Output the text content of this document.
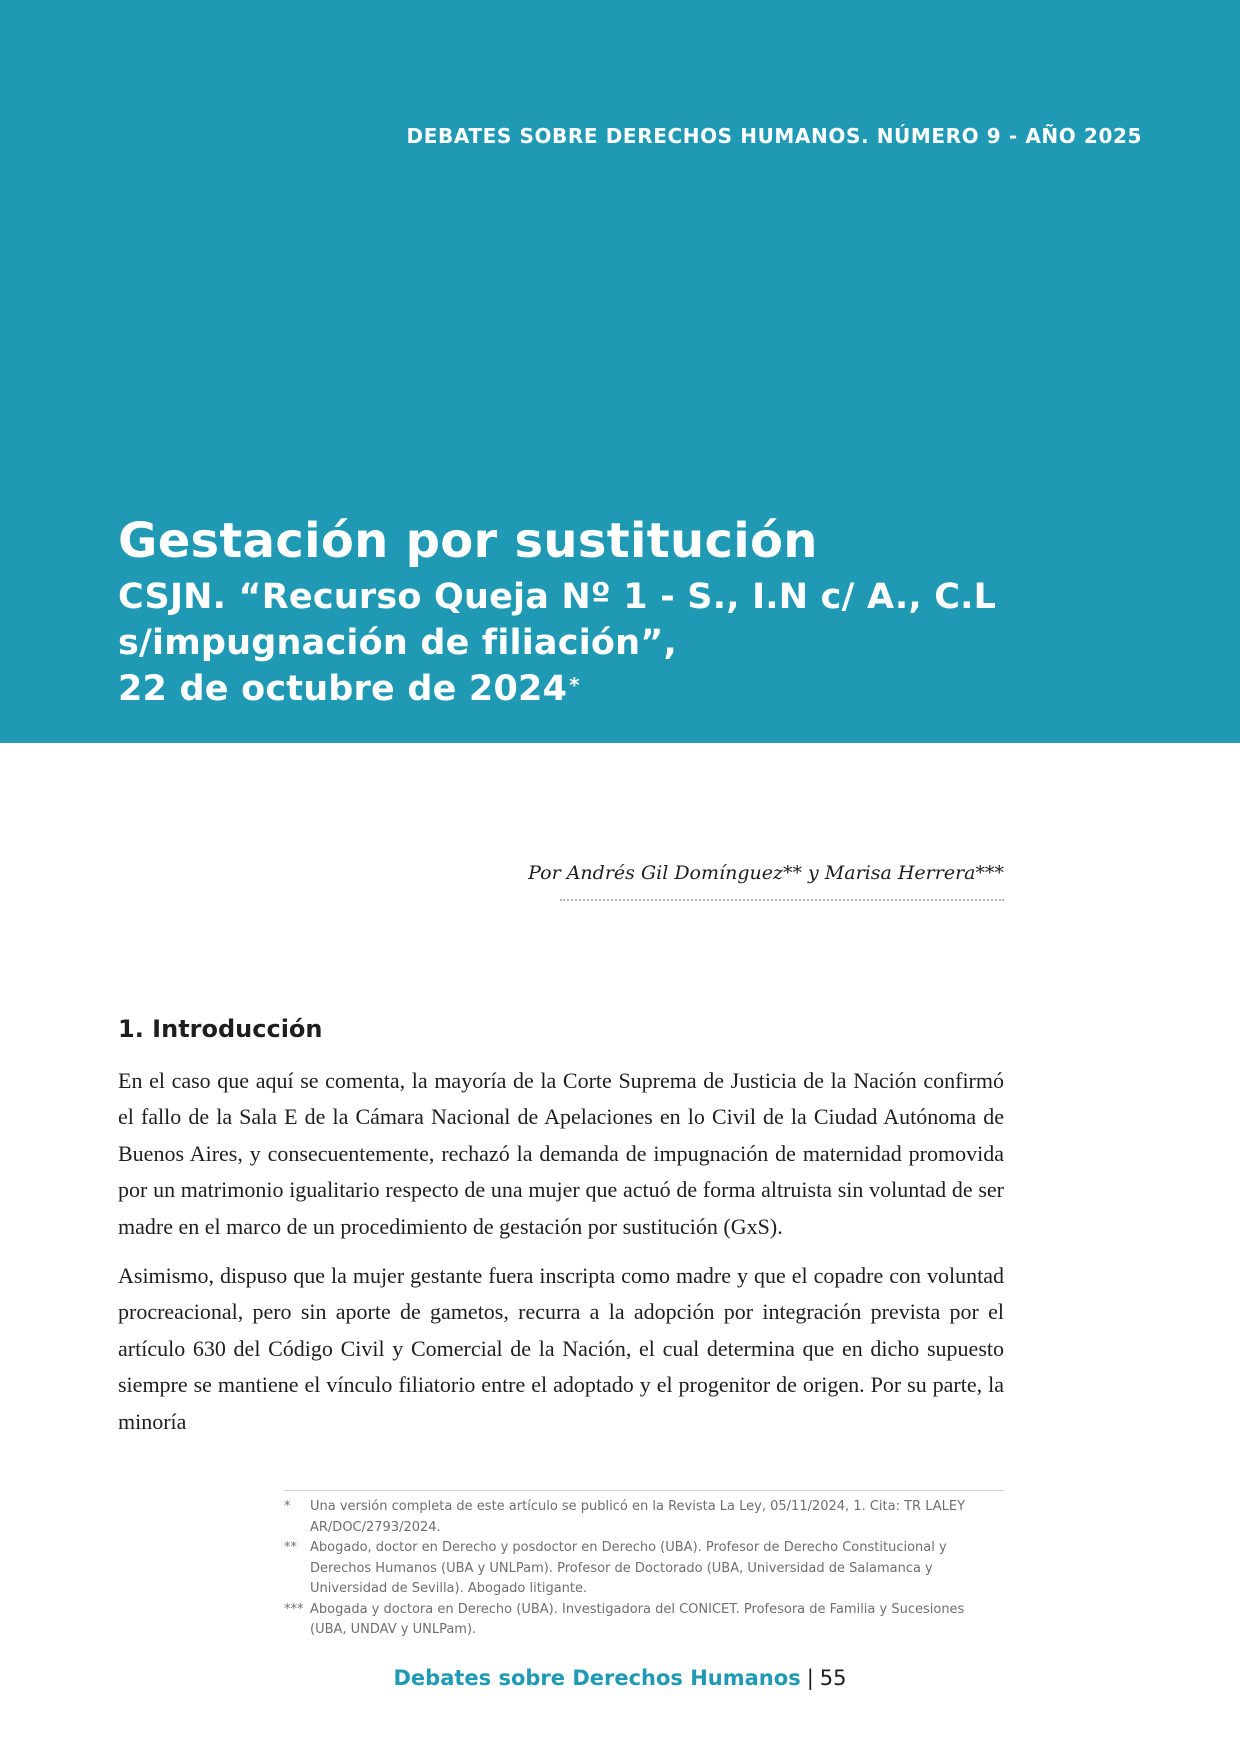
DEBATES SOBRE DERECHOS HUMANOS. NÚMERO 9 - AÑO 2025
Gestación por sustitución
CSJN. “Recurso Queja Nº 1 - S., I.N c/ A., C.L
s/impugnación de filiación”,
22 de octubre de 2024 *
Por Andrés Gil Domínguez** y Marisa Herrera***
1. Introducción

En el caso que aquí se comenta, la mayoría de la Corte Suprema de Justicia de la Nación confirmó el fallo de la Sala E de la Cámara Nacional de Apelaciones en lo Civil de la Ciudad Autónoma de Buenos Aires, y consecuentemente, rechazó la demanda de impugnación de maternidad promovida por un matrimonio igualitario respecto de una mujer que actuó de forma altruista sin voluntad de ser madre en el marco de un procedimiento de gestación por sustitución (GxS).

Asimismo, dispuso que la mujer gestante fuera inscripta como madre y que el copadre con voluntad procreacional, pero sin aporte de gametos, recurra a la adopción por integración prevista por el artículo 630 del Código Civil y Comercial de la Nación, el cual determina que en dicho supuesto siempre se mantiene el vínculo filiatorio entre el adoptado y el progenitor de origen. Por su parte, la minoría

*	Una versión completa de este artículo se publicó en la Revista La Ley, 05/11/2024, 1. Cita: TR LALEY AR/DOC/2793/2024.
**	Abogado, doctor en Derecho y posdoctor en Derecho (UBA). Profesor de Derecho Constitucional y Derechos Humanos (UBA y UNLPam). Profesor de Doctorado (UBA, Universidad de Salamanca y Universidad de Sevilla). Abogado litigante.
*** Abogada y doctora en Derecho (UBA). Investigadora del CONICET. Profesora de Familia y Sucesiones (UBA, UNDAV y UNLPam).
Debates sobre Derechos Humanos | 55
